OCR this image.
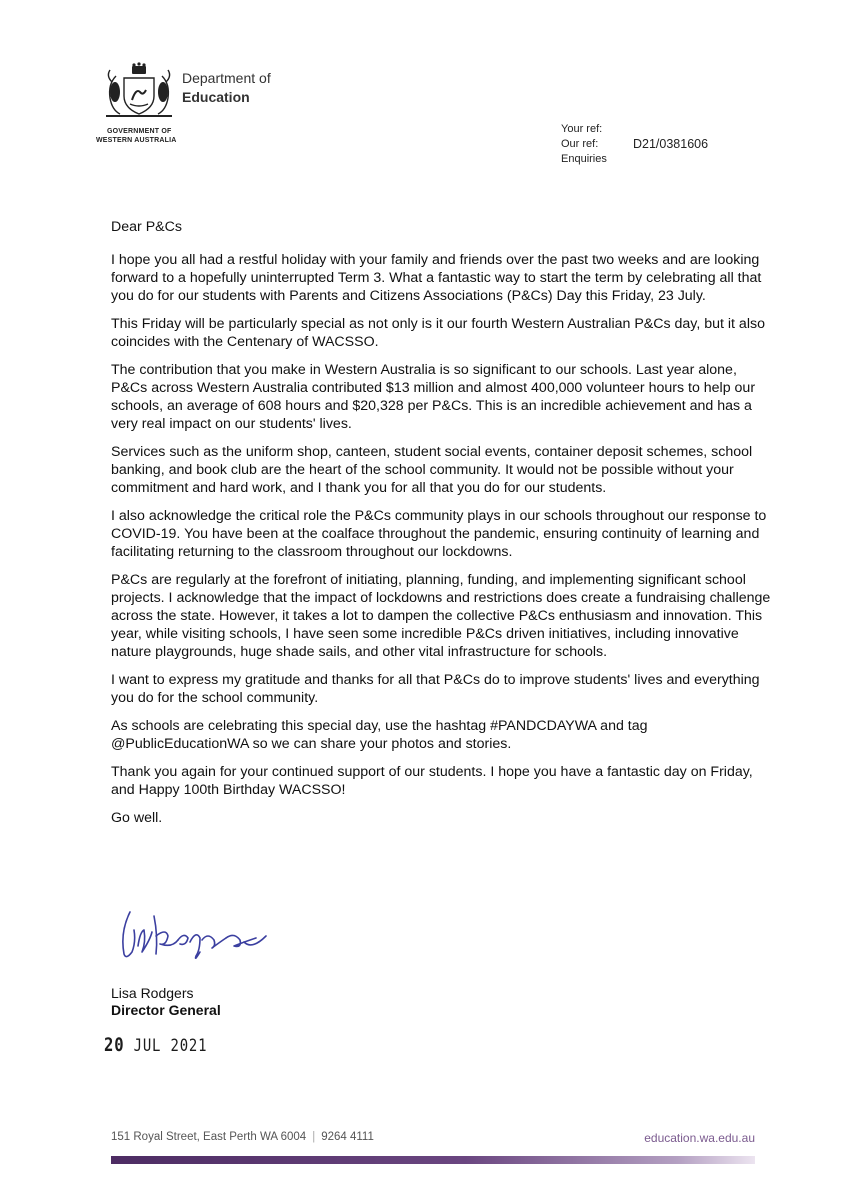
GOVERNMENT OF
WESTERN AUSTRALIA
Department of
Education
Your ref:
Our ref:	D21/0381606
Enquiries

Dear P&Cs

I hope you all had a restful holiday with your family and friends over the past two weeks and are looking forward to a hopefully uninterrupted Term 3. What a fantastic way to start the term by celebrating all that you do for our students with Parents and Citizens Associations (P&Cs) Day this Friday, 23 July.

This Friday will be particularly special as not only is it our fourth Western Australian P&Cs day, but it also coincides with the Centenary of WACSSO.

The contribution that you make in Western Australia is so significant to our schools. Last year alone, P&Cs across Western Australia contributed $13 million and almost 400,000 volunteer hours to help our schools, an average of 608 hours and $20,328 per P&Cs. This is an incredible achievement and has a very real impact on our students' lives.

Services such as the uniform shop, canteen, student social events, container deposit schemes, school banking, and book club are the heart of the school community. It would not be possible without your commitment and hard work, and I thank you for all that you do for our students.

I also acknowledge the critical role the P&Cs community plays in our schools throughout our response to COVID-19. You have been at the coalface throughout the pandemic, ensuring continuity of learning and facilitating returning to the classroom throughout our lockdowns.

P&Cs are regularly at the forefront of initiating, planning, funding, and implementing significant school projects. I acknowledge that the impact of lockdowns and restrictions does create a fundraising challenge across the state. However, it takes a lot to dampen the collective P&Cs enthusiasm and innovation. This year, while visiting schools, I have seen some incredible P&Cs driven initiatives, including innovative nature playgrounds, huge shade sails, and other vital infrastructure for schools.

I want to express my gratitude and thanks for all that P&Cs do to improve students' lives and everything you do for the school community.

As schools are celebrating this special day, use the hashtag #PANDCDAYWA and tag @PublicEducationWA so we can share your photos and stories.

Thank you again for your continued support of our students. I hope you have a fantastic day on Friday, and Happy 100th Birthday WACSSO!

Go well.

Lisa Rodgers
Director General
20 JUL 2021
151 Royal Street, East Perth WA 6004 | 9264 4111	education.wa.edu.au
